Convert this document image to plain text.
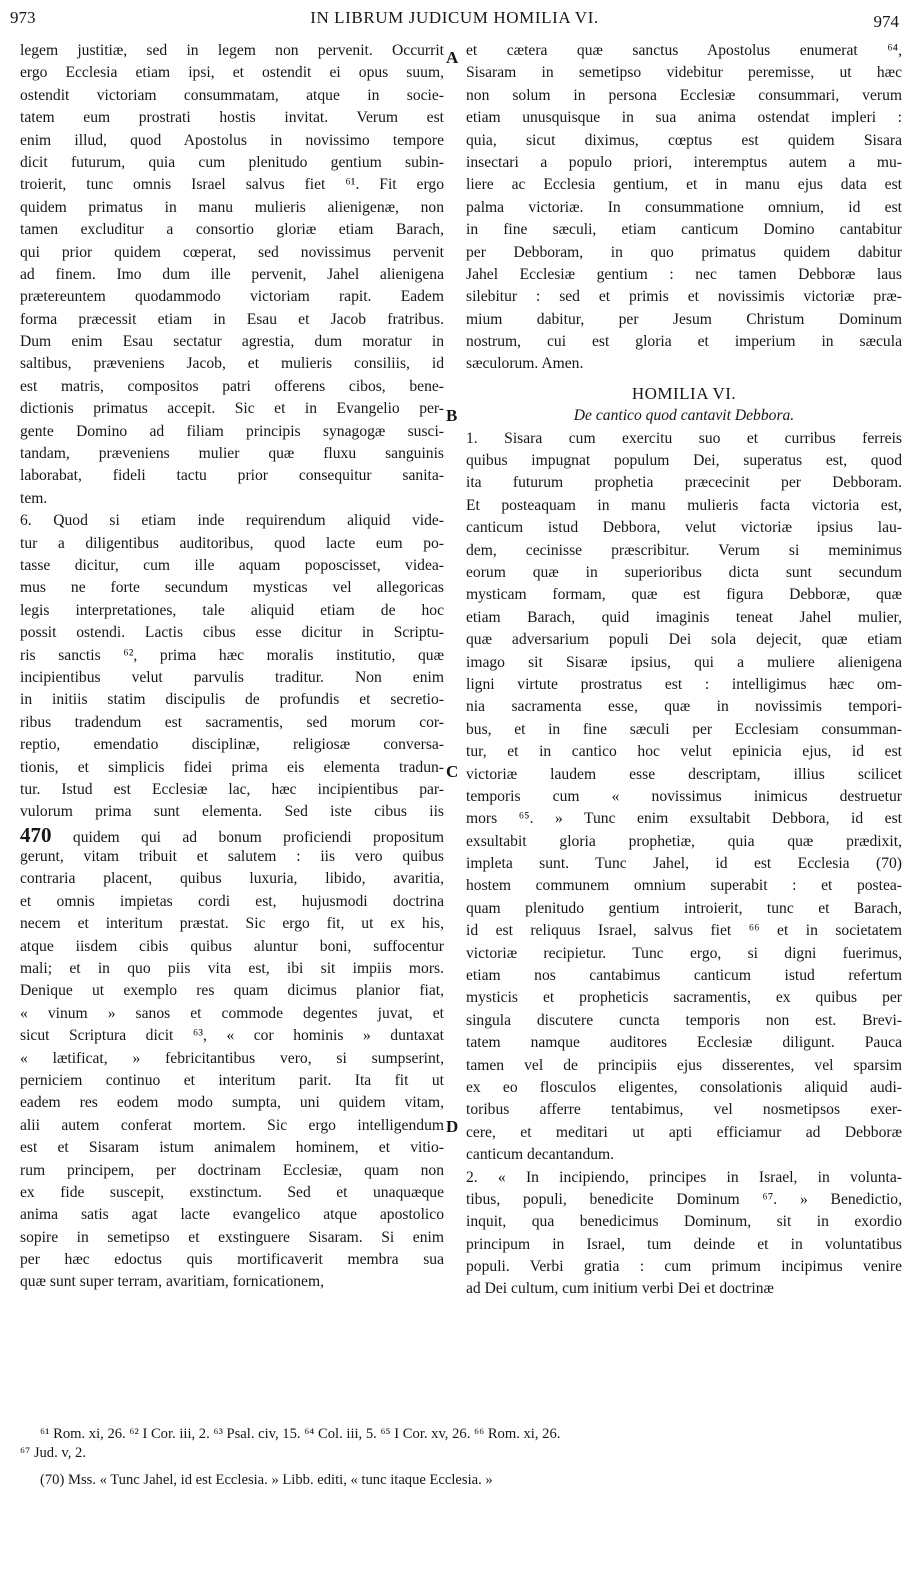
973	IN LIBRUM JUDICUM HOMILIA VI.	974
legem justitiæ, sed in legem non pervenit. Occurrit
ergo Ecclesia etiam ipsi, et ostendit ei opus suum,
ostendit victoriam consummatam, atque in socie-
tatem eum prostrati hostis invitat. Verum est
enim illud, quod Apostolus in novissimo tempore
dicit futurum, quia cum plenitudo gentium subin-
troierit, tunc omnis Israel salvus fiet ⁶¹. Fit ergo
quidem primatus in manu mulieris alienigenæ, non
tamen excluditur a consortio gloriæ etiam Barach,
qui prior quidem cœperat, sed novissimus pervenit
ad finem. Imo dum ille pervenit, Jahel alienigena
prætereuntem quodammodo victoriam rapit. Eadem
forma præcessit etiam in Esau et Jacob fratribus.
Dum enim Esau sectatur agrestia, dum moratur in
saltibus, præveniens Jacob, et mulieris consiliis, id
est matris, compositos patri offerens cibos, bene-
dictionis primatus accepit. Sic et in Evangelio per-
gente Domino ad filiam principis synagogæ susci-
tandam, præveniens mulier quæ fluxu sanguinis
laborabat, fideli tactu prior consequitur sanita-
tem.
6. Quod si etiam inde requirendum aliquid vide-
tur a diligentibus auditoribus, quod lacte eum po-
tasse dicitur, cum ille aquam poposcisset, videa-
mus ne forte secundum mysticas vel allegoricas
legis interpretationes, tale aliquid etiam de hoc
possit ostendi. Lactis cibus esse dicitur in Scriptu-
ris sanctis ⁶², prima hæc moralis institutio, quæ
incipientibus velut parvulis traditur. Non enim
in initiis statim discipulis de profundis et secretio-
ribus tradendum est sacramentis, sed morum cor-
reptio, emendatio disciplinæ, religiosæ conversa-
tionis, et simplicis fidei prima eis elementa tradun-
tur. Istud est Ecclesiæ lac, hæc incipientibus par-
vulorum prima sunt elementa. Sed iste cibus iis
470 quidem qui ad bonum proficiendi propositum
gerunt, vitam tribuit et salutem : iis vero quibus
contraria placent, quibus luxuria, libido, avaritia,
et omnis impietas cordi est, hujusmodi doctrina
necem et interitum præstat. Sic ergo fit, ut ex his,
atque iisdem cibis quibus aluntur boni, suffocentur
mali; et in quo piis vita est, ibi sit impiis mors.
Denique ut exemplo res quam dicimus planior fiat,
« vinum » sanos et commode degentes juvat, et
sicut Scriptura dicit ⁶³, « cor hominis » duntaxat
« lætificat, » febricitantibus vero, si sumpserint,
perniciem continuo et interitum parit. Ita fit ut
eadem res eodem modo sumpta, uni quidem vitam,
alii autem conferat mortem. Sic ergo intelligendum
est et Sisaram istum animalem hominem, et vitio-
rum principem, per doctrinam Ecclesiæ, quam non
ex fide suscepit, exstinctum. Sed et unaquæque
anima satis agat lacte evangelico atque apostolico
sopire in semetipso et exstinguere Sisaram. Si enim
per hæc edoctus quis mortificaverit membra sua
quæ sunt super terram, avaritiam, fornicationem,
et cætera quæ sanctus Apostolus enumerat ⁶⁴,
Sisaram in semetipso videbitur peremisse, ut hæc
non solum in persona Ecclesiæ consummari, verum
etiam unusquisque in sua anima ostendat impleri :
quia, sicut diximus, cœptus est quidem Sisara
insectari a populo priori, interemptus autem a mu-
liere ac Ecclesia gentium, et in manu ejus data est
palma victoriæ. In consummatione omnium, id est
in fine sæculi, etiam canticum Domino cantabitur
per Debboram, in quo primatus quidem dabitur
Jahel Ecclesiæ gentium : nec tamen Debboræ laus
silebitur : sed et primis et novissimis victoriæ præ-
mium dabitur, per Jesum Christum Dominum
nostrum, cui est gloria et imperium in sæcula
sæculorum. Amen.
HOMILIA VI.
De cantico quod cantavit Debbora.
1. Sisara cum exercitu suo et curribus ferreis
quibus impugnat populum Dei, superatus est, quod
ita futurum prophetia præcecinit per Debboram.
Et posteaquam in manu mulieris facta victoria est,
canticum istud Debbora, velut victoriæ ipsius lau-
dem, cecinisse præscribitur. Verum si meminimus
eorum quæ in superioribus dicta sunt secundum
mysticam formam, quæ est figura Debboræ, quæ
etiam Barach, quid imaginis teneat Jahel mulier,
quæ adversarium populi Dei sola dejecit, quæ etiam
imago sit Sisaræ ipsius, qui a muliere alienigena
ligni virtute prostratus est : intelligimus hæc om-
nia sacramenta esse, quæ in novissimis tempori-
bus, et in fine sæculi per Ecclesiam consumman-
tur, et in cantico hoc velut epinicia ejus, id est
victoriæ laudem esse descriptam, illius scilicet
temporis cum « novissimus inimicus destruetur
mors ⁶⁵. » Tunc enim exsultabit Debbora, id est
exsultabit gloria prophetiæ, quia quæ prædixit,
impleta sunt. Tunc Jahel, id est Ecclesia (70)
hostem communem omnium superabit : et postea-
quam plenitudo gentium introierit, tunc et Barach,
id est reliquus Israel, salvus fiet ⁶⁶ et in societatem
victoriæ recipietur. Tunc ergo, si digni fuerimus,
etiam nos cantabimus canticum istud refertum
mysticis et propheticis sacramentis, ex quibus per
singula discutere cuncta temporis non est. Brevi-
tatem namque auditores Ecclesiæ diligunt. Pauca
tamen vel de principiis ejus disserentes, vel sparsim
ex eo flosculos eligentes, consolationis aliquid audi-
toribus afferre tentabimus, vel nosmetipsos exer-
cere, et meditari ut apti efficiamur ad Debboræ
canticum decantandum.
2. « In incipiendo, principes in Israel, in volunta-
tibus, populi, benedicite Dominum ⁶⁷. » Benedictio,
inquit, qua benedicimus Dominum, sit in exordio
principum in Israel, tum deinde et in voluntatibus
populi. Verbi gratia : cum primum incipimus venire
ad Dei cultum, cum initium verbi Dei et doctrinæ
A
B
C
D
⁶¹ Rom. xi, 26. ⁶² I Cor. iii, 2. ⁶³ Psal. civ, 15. ⁶⁴ Col. iii, 5. ⁶⁵ I Cor. xv, 26. ⁶⁶ Rom. xi, 26.
⁶⁷ Jud. v, 2.
(70) Mss. « Tunc Jahel, id est Ecclesia. » Libb. editi, « tunc itaque Ecclesia. »
